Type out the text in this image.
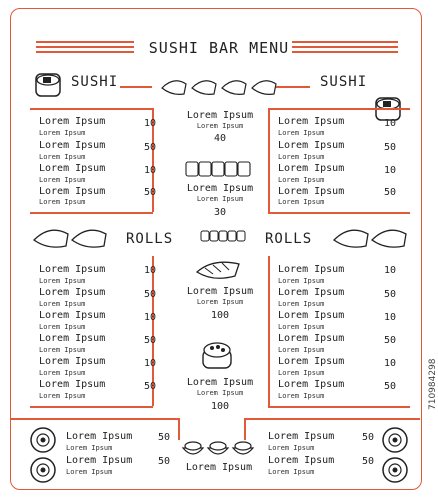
SUSHI BAR MENU
SUSHI	SUSHI
Lorem Ipsum
Lorem Ipsum
10
Lorem Ipsum
Lorem Ipsum
50
Lorem Ipsum
Lorem Ipsum
10
Lorem Ipsum
Lorem Ipsum
50
Lorem Ipsum
Lorem Ipsum
10
Lorem Ipsum
Lorem Ipsum
50
Lorem Ipsum
Lorem Ipsum
10
Lorem Ipsum
Lorem Ipsum
50
Lorem Ipsum
Lorem Ipsum
40
Lorem Ipsum
Lorem Ipsum
30
ROLLS	ROLLS
Lorem Ipsum
Lorem Ipsum
10
Lorem Ipsum
Lorem Ipsum
50
Lorem Ipsum
Lorem Ipsum
10
Lorem Ipsum
Lorem Ipsum
50
Lorem Ipsum
Lorem Ipsum
10
Lorem Ipsum
Lorem Ipsum
50
Lorem Ipsum
Lorem Ipsum
10
Lorem Ipsum
Lorem Ipsum
50
Lorem Ipsum
Lorem Ipsum
10
Lorem Ipsum
Lorem Ipsum
50
Lorem Ipsum
Lorem Ipsum
10
Lorem Ipsum
Lorem Ipsum
50
Lorem Ipsum
Lorem Ipsum
100
Lorem Ipsum
Lorem Ipsum
100
Lorem Ipsum
Lorem Ipsum
50
Lorem Ipsum
Lorem Ipsum
50
Lorem Ipsum
Lorem Ipsum
Lorem Ipsum
50
Lorem Ipsum
Lorem Ipsum
50
710984298
